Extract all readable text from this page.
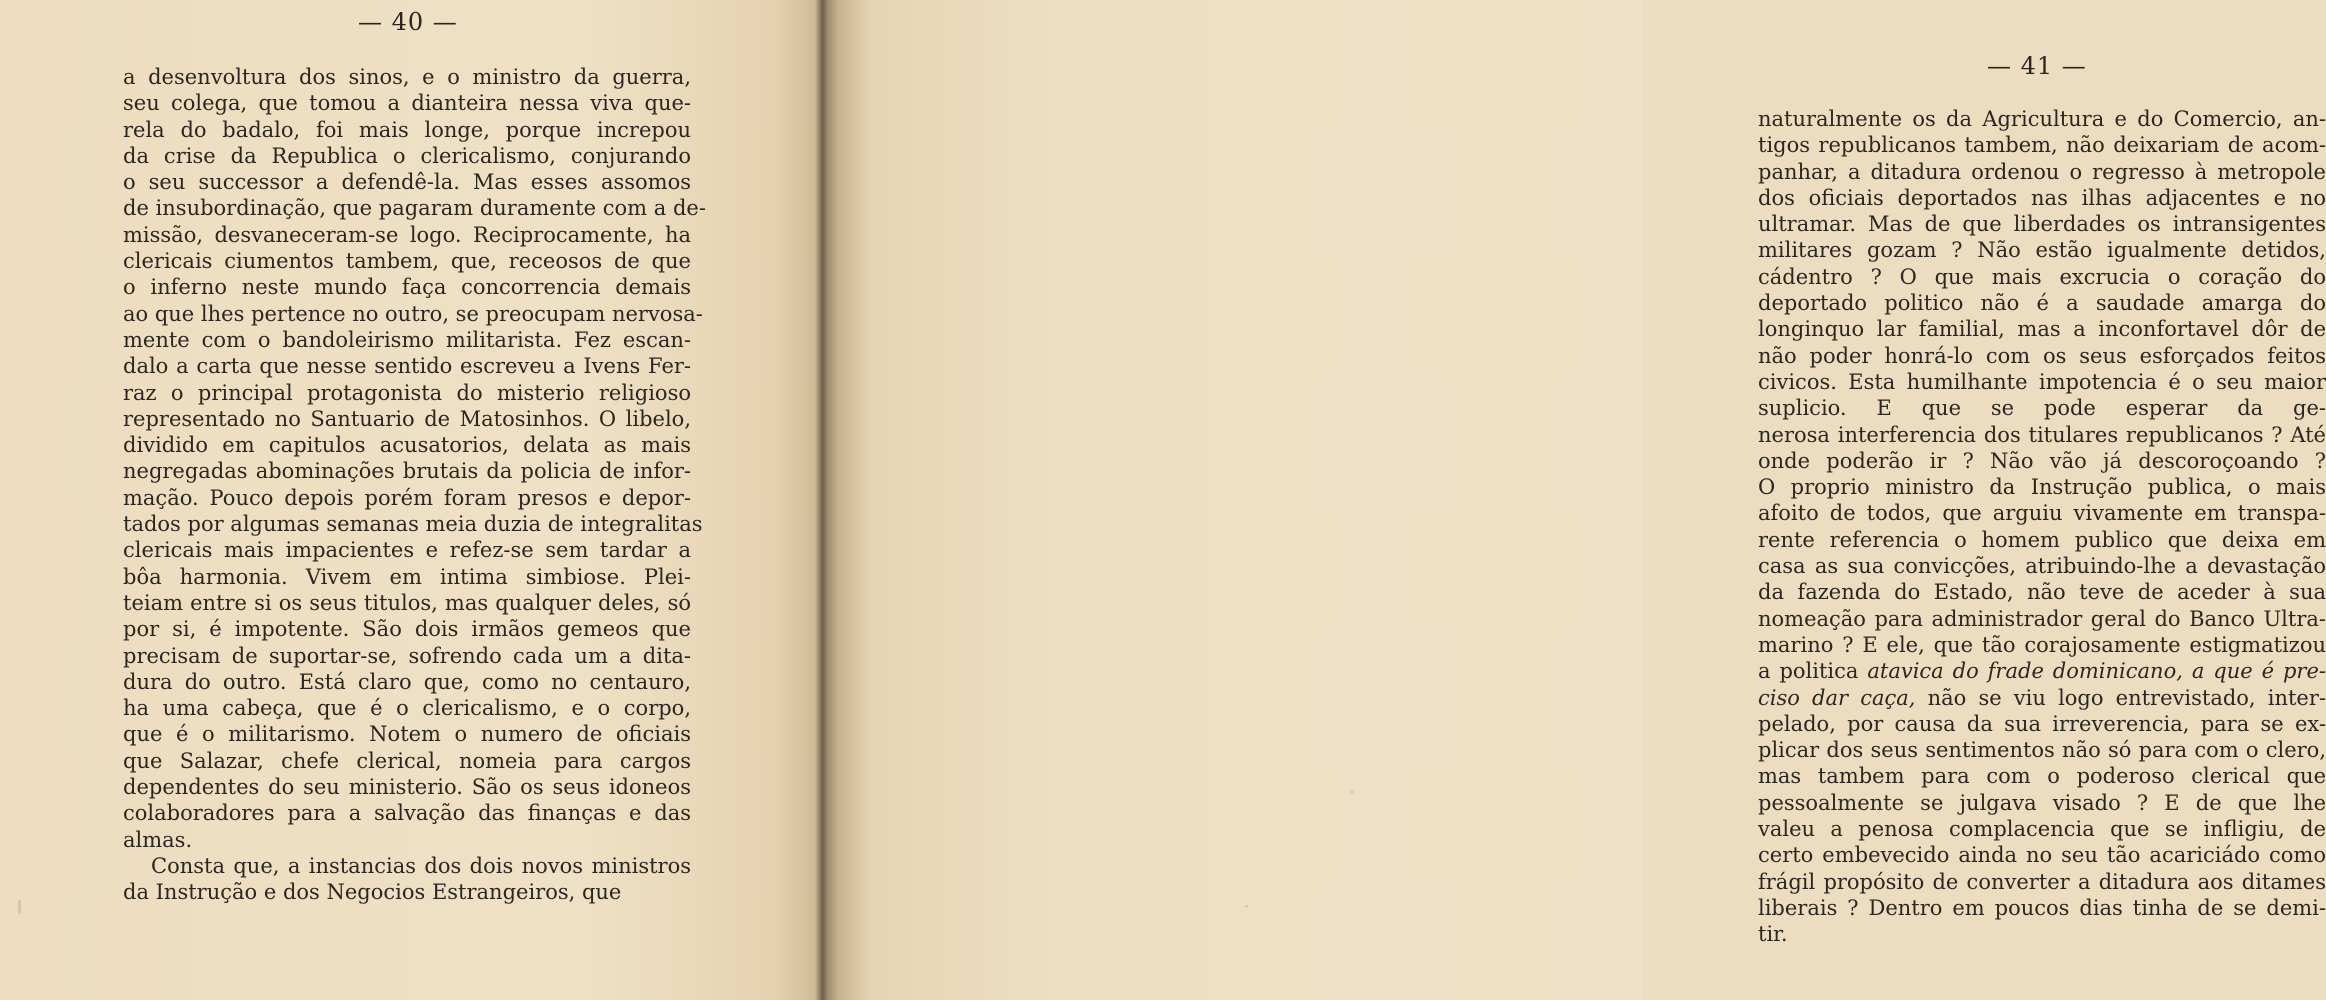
— 40 —
a desenvoltura dos sinos, e o ministro da guerra,
seu colega, que tomou a dianteira nessa viva que-
rela do badalo, foi mais longe, porque increpou
da crise da Republica o clericalismo, conjurando
o seu successor a defendê-la. Mas esses assomos
de insubordinação, que pagaram duramente com a de-
missão, desvaneceram-se logo. Reciprocamente, ha
clericais ciumentos tambem, que, receosos de que
o inferno neste mundo faça concorrencia demais
ao que lhes pertence no outro, se preocupam nervosa-
mente com o bandoleirismo militarista. Fez escan-
dalo a carta que nesse sentido escreveu a Ivens Fer-
raz o principal protagonista do misterio religioso
representado no Santuario de Matosinhos. O libelo,
dividido em capitulos acusatorios, delata as mais
negregadas abominações brutais da policia de infor-
mação. Pouco depois porém foram presos e depor-
tados por algumas semanas meia duzia de integralitas
clericais mais impacientes e refez-se sem tardar a
bôa harmonia. Vivem em intima simbiose. Plei-
teiam entre si os seus titulos, mas qualquer deles, só
por si, é impotente. São dois irmãos gemeos que
precisam de suportar-se, sofrendo cada um a dita-
dura do outro. Está claro que, como no centauro,
ha uma cabeça, que é o clericalismo, e o corpo,
que é o militarismo. Notem o numero de oficiais
que Salazar, chefe clerical, nomeia para cargos
dependentes do seu ministerio. São os seus idoneos
colaboradores para a salvação das finanças e das
almas.
Consta que, a instancias dos dois novos ministros
da Instrução e dos Negocios Estrangeiros, que
— 41 —
naturalmente os da Agricultura e do Comercio, an-
tigos republicanos tambem, não deixariam de acom-
panhar, a ditadura ordenou o regresso à metropole
dos oficiais deportados nas ilhas adjacentes e no
ultramar. Mas de que liberdades os intransigentes
militares gozam ? Não estão igualmente detidos,
cádentro ? O que mais excrucia o coração do
deportado politico não é a saudade amarga do
longinquo lar familial, mas a inconfortavel dôr de
não poder honrá-lo com os seus esforçados feitos
civicos. Esta humilhante impotencia é o seu maior
suplicio. E que se pode esperar da ge-
nerosa interferencia dos titulares republicanos ? Até
onde poderão ir ? Não vão já descoroçoando ?
O proprio ministro da Instrução publica, o mais
afoito de todos, que arguiu vivamente em transpa-
rente referencia o homem publico que deixa em
casa as sua convicções, atribuindo-lhe a devastação
da fazenda do Estado, não teve de aceder à sua
nomeação para administrador geral do Banco Ultra-
marino ? E ele, que tão corajosamente estigmatizou
a politica atavica do frade dominicano, a que é pre-
ciso dar caça, não se viu logo entrevistado, inter-
pelado, por causa da sua irreverencia, para se ex-
plicar dos seus sentimentos não só para com o clero,
mas tambem para com o poderoso clerical que
pessoalmente se julgava visado ? E de que lhe
valeu a penosa complacencia que se infligiu, de
certo embevecido ainda no seu tão acariciádo como
frágil propósito de converter a ditadura aos ditames
liberais ? Dentro em poucos dias tinha de se demi-
tir.
